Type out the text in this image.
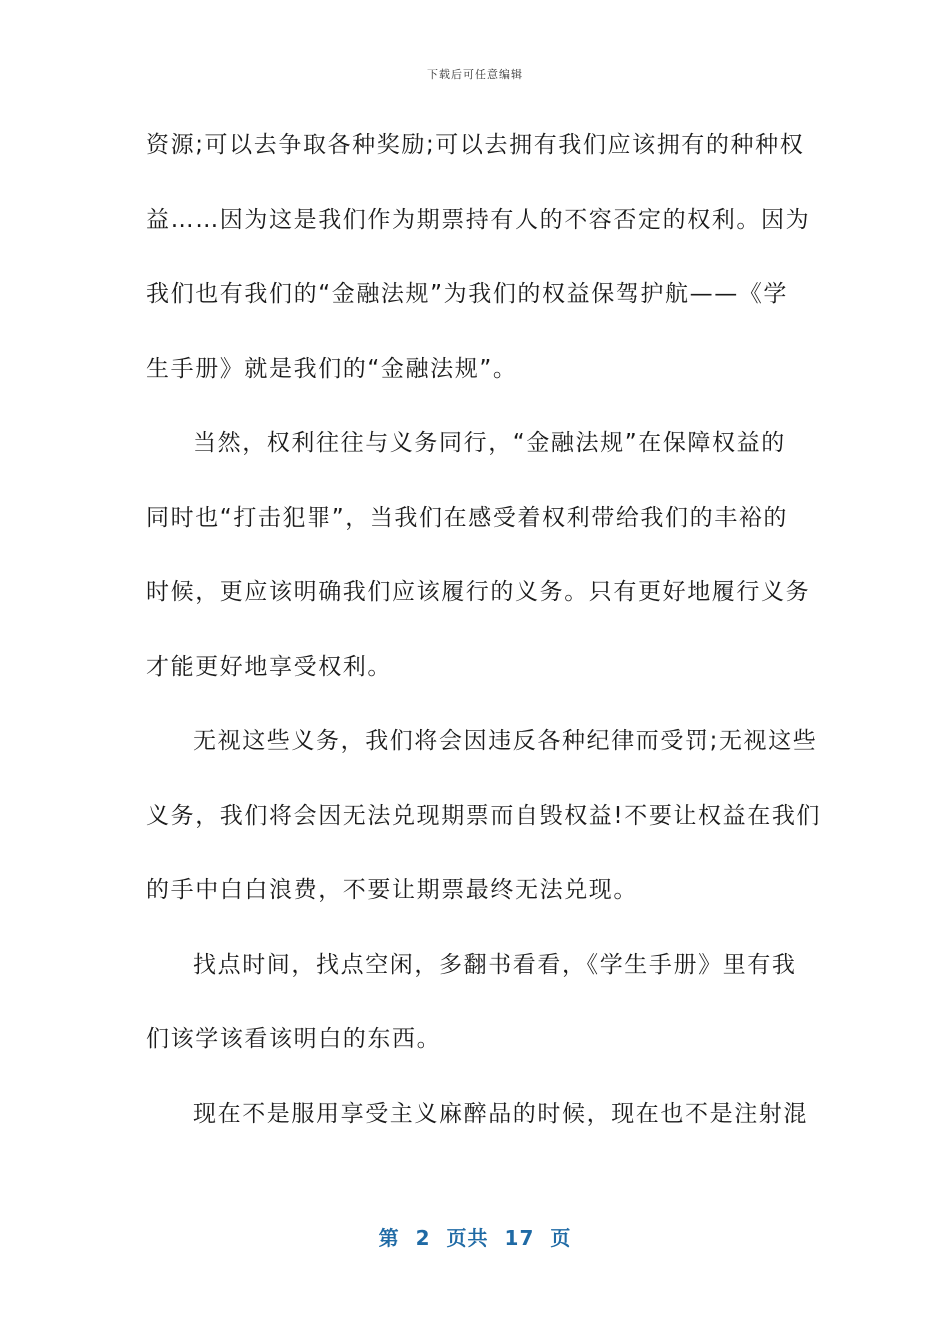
下载后可任意编辑
资源;可以去争取各种奖励;可以去拥有我们应该拥有的种种权
益……因为这是我们作为期票持有人的不容否定的权利。因为
我们也有我们的“金融法规”为我们的权益保驾护航——《学
生手册》就是我们的“金融法规”。
当然，权利往往与义务同行，“金融法规”在保障权益的
同时也“打击犯罪”，当我们在感受着权利带给我们的丰裕的
时候，更应该明确我们应该履行的义务。只有更好地履行义务
才能更好地享受权利。
无视这些义务，我们将会因违反各种纪律而受罚;无视这些
义务，我们将会因无法兑现期票而自毁权益!不要让权益在我们
的手中白白浪费，不要让期票最终无法兑现。
找点时间，找点空闲，多翻书看看，《学生手册》里有我
们该学该看该明白的东西。
现在不是服用享受主义麻醉品的时候，现在也不是注射混
第 2 页共 17 页
